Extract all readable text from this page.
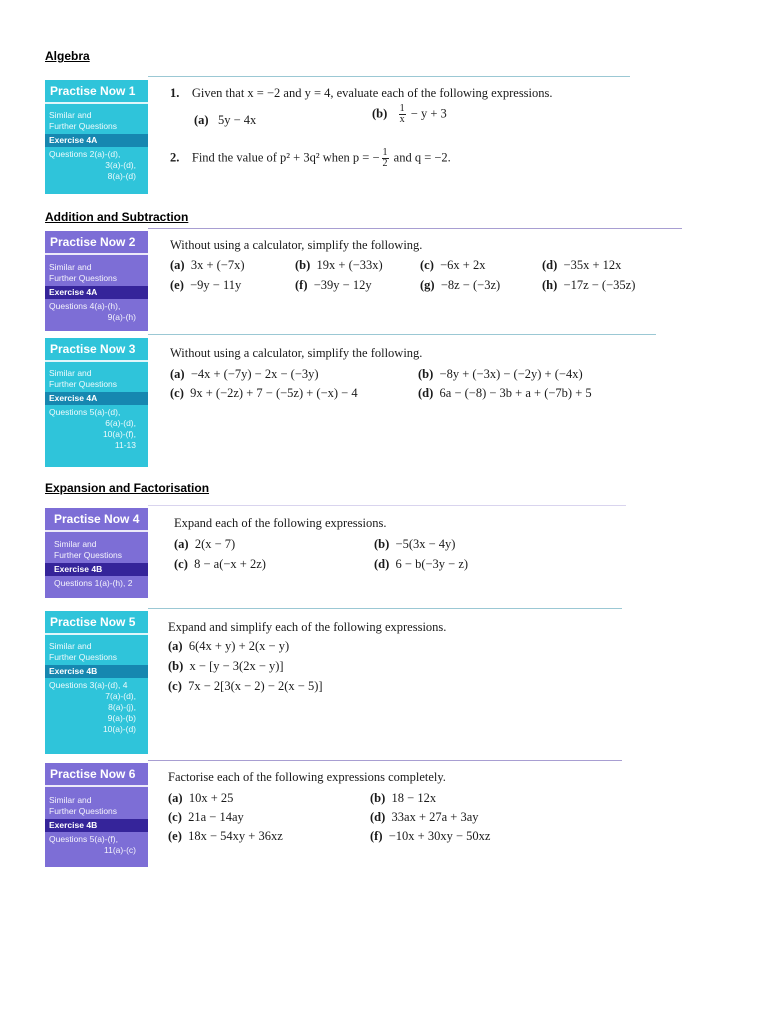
Algebra
Practise Now 1
Similar and
Further Questions
Exercise 4A
Questions 2(a)-(d),
3(a)-(d),
8(a)-(d)
1. Given that x = −2 and y = 4, evaluate each of the following expressions.
(a) 5y − 4x	$(b) \frac{1}{x} - y + 3$
2. Find the value of p² + 3q² when p = − $\frac{1}{2}$ and q = −2.
Addition and Subtraction
Practise Now 2
Similar and
Further Questions
Exercise 4A
Questions 4(a)-(h),
9(a)-(h)
Without using a calculator, simplify the following.
(a) 3x + (−7x)	(b) 19x + (−33x)	(c) −6x + 2x	(d) −35x + 12x
(e) −9y − 11y	(f) −39y − 12y	(g) −8z − (−3z)	(h) −17z − (−35z)
Practise Now 3
Similar and
Further Questions
Exercise 4A
Questions 5(a)-(d),
6(a)-(d),
10(a)-(f),
11-13
Without using a calculator, simplify the following.
(a) −4x + (−7y) − 2x − (−3y)	(b) −8y + (−3x) − (−2y) + (−4x)
(c) 9x + (−2z) + 7 − (−5z) + (−x) − 4	(d) 6a − (−8) − 3b + a + (−7b) + 5
Expansion and Factorisation
Practise Now 4
Similar and
Further Questions
Exercise 4B
Questions 1(a)-(h), 2
Expand each of the following expressions.
(a) 2(x − 7)	(b) −5(3x − 4y)
(c) 8 − a(−x + 2z)	(d) 6 − b(−3y − z)
Practise Now 5
Similar and
Further Questions
Exercise 4B
Questions 3(a)-(d), 4
7(a)-(d),
8(a)-(j),
9(a)-(b)
10(a)-(d)
Expand and simplify each of the following expressions.
(a) 6(4x + y) + 2(x − y)
(b) x − [y − 3(2x − y)]
(c) 7x − 2[3(x − 2) − 2(x − 5)]
Practise Now 6
Similar and
Further Questions
Exercise 4B
Questions 5(a)-(f),
11(a)-(c)
Factorise each of the following expressions completely.
(a) 10x + 25	(b) 18 − 12x
(c) 21a − 14ay	(d) 33ax + 27a + 3ay
(e) 18x − 54xy + 36xz	(f) −10x + 30xy − 50xz
